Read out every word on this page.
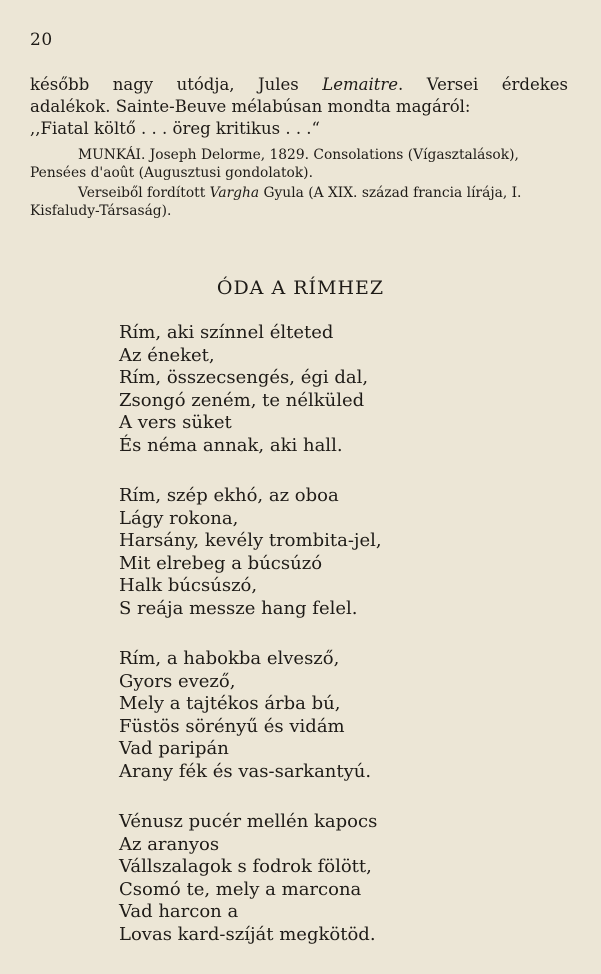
20

később nagy utódja, Jules Lemaitre. Versei érdekes

adalékok. Sainte-Beuve mélabúsan mondta magáról:

,,Fiatal költő . . . öreg kritikus . . .“

MUNKÁI. Joseph Delorme, 1829. Consolations (Vígasztalások), Pensées d'août (Augusztusi gondolatok).

Verseiből fordított Vargha Gyula (A XIX. század francia lírája, I. Kisfaludy-Társaság).

ÓDA A RÍMHEZ
Rím, aki színnel élteted
Az éneket,
Rím, összecsengés, égi dal,
Zsongó zeném, te nélküled
A vers süket
És néma annak, aki hall.
Rím, szép ekhó, az oboa
Lágy rokona,
Harsány, kevély trombita-jel,
Mit elrebeg a búcsúzó
Halk búcsúszó,
S reája messze hang felel.
Rím, a habokba elvesző,
Gyors evező,
Mely a tajtékos árba bú,
Füstös sörényű és vidám
Vad paripán
Arany fék és vas-sarkantyú.
Vénusz pucér mellén kapocs
Az aranyos
Vállszalagok s fodrok fölött,
Csomó te, mely a marcona
Vad harcon a
Lovas kard-szíját megkötöd.
